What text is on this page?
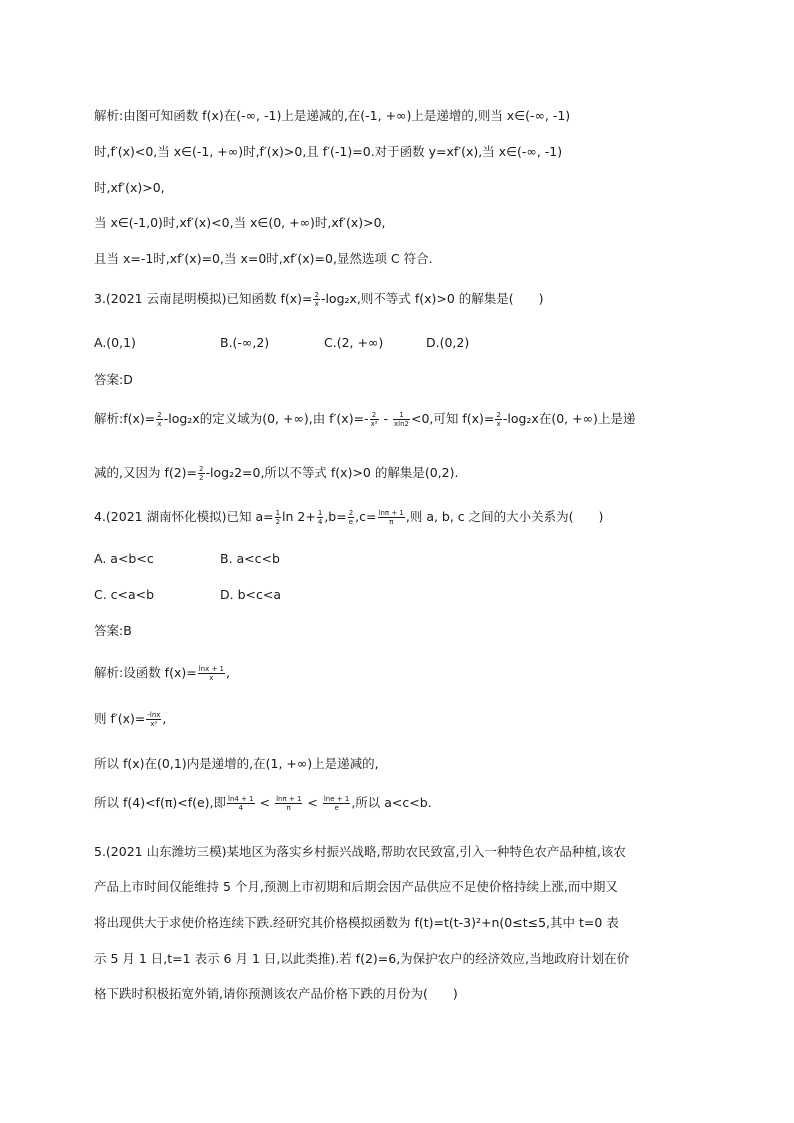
解析:由图可知函数 f(x)在(-∞, -1)上是递减的,在(-1, +∞)上是递增的,则当 x∈(-∞, -1)
时,f′(x)<0,当 x∈(-1, +∞)时,f′(x)>0,且 f′(-1)=0.对于函数 y=xf′(x),当 x∈(-∞, -1)
时,xf′(x)>0,
当 x∈(-1,0)时,xf′(x)<0,当 x∈(0, +∞)时,xf′(x)>0,
且当 x=-1时,xf′(x)=0,当 x=0时,xf′(x)=0,显然选项 C 符合.
3.(2021 云南昆明模拟)已知函数 $f(x)= \frac{2}{x} -\log_2x$,则不等式 f(x)>0 的解集是(　　)
A.(0,1)	B.(-∞,2)	C.(2, +∞)	D.(0,2)
答案:D
解析:f(x)= $\frac{2}{x} -\log_2x$的定义域为(0, +∞),由 $f'(x)=- \frac{2}{\text{x²}} - \frac{1}{xln2} <0$,可知 $f(x)= \frac{2}{x} -\log_2x$在(0, +∞)上是递
减的,又因为 $f(2)= \frac{2}{2} -\log_22=0$,所以不等式 f(x)>0 的解集是(0,2).
4.(2021 湖南怀化模拟)已知 $a= \frac{1}{2}$ $\ln 2+ \frac{1}{4} ,b= \frac{2}{e} ,c= \frac{\ln\pi + 1}{\pi}$ ,则 a, b, c 之间的大小关系为(　　)
A. a<b<c	B. a<c<b
C. c<a<b	D. b<c<a
答案:B
解析:设函数 $f(x)= \frac{\ln x + 1}{x}$ ,
则 $f'(x)= \frac{-\ln x}{\text{x²}}$ ,
所以 f(x)在(0,1)内是递增的,在(1, +∞)上是递减的,
所以 f(4)<f(π)<f(e),即 $\frac{\ln 4 + 1}{4} < \frac{\ln\pi + 1}{\pi} < \frac{\ln e + 1}{e}$ ,所以 a<c<b.
5.(2021 山东潍坊三模)某地区为落实乡村振兴战略,帮助农民致富,引入一种特色农产品种植,该农
产品上市时间仅能维持 5 个月,预测上市初期和后期会因产品供应不足使价格持续上涨,而中期又
将出现供大于求使价格连续下跌.经研究其价格模拟函数为 f(t)=t(t-3)²+n(0≤t≤5,其中 t=0 表
示 5 月 1 日,t=1 表示 6 月 1 日,以此类推).若 f(2)=6,为保护农户的经济效应,当地政府计划在价
格下跌时积极拓宽外销,请你预测该农产品价格下跌的月份为(　　)
